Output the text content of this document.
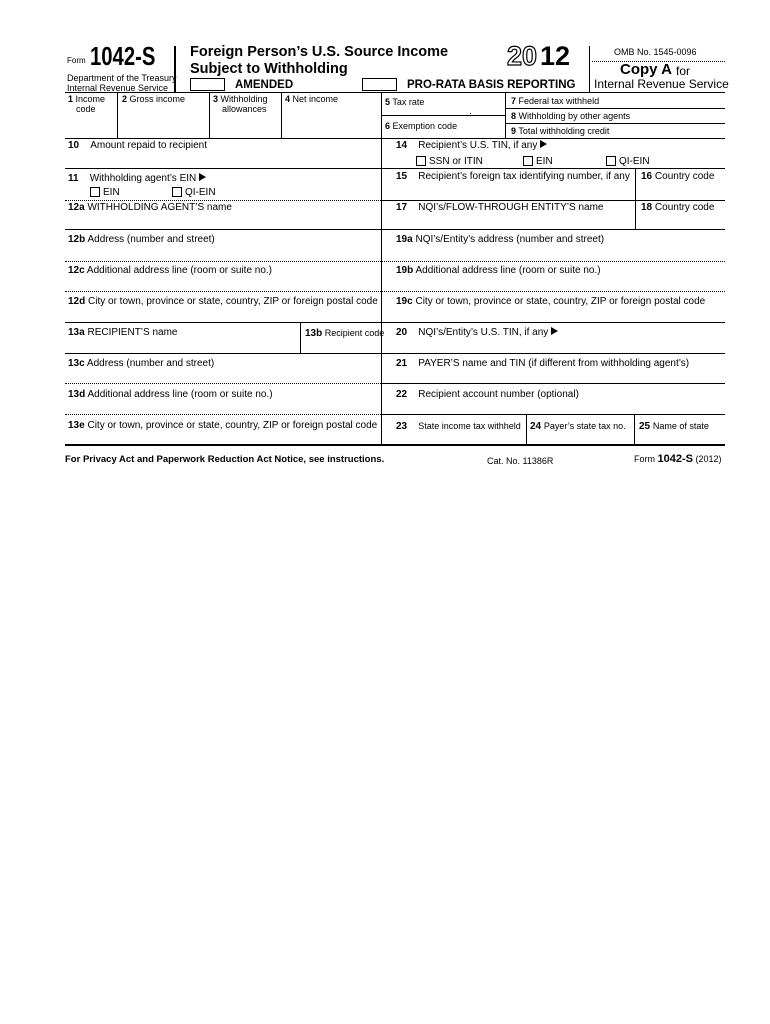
Form 1042-S
Department of the Treasury
Internal Revenue Service
Foreign Person’s U.S. Source Income
Subject to Withholding
AMENDED	PRO-RATA BASIS REPORTING
20 12	OMB No. 1545-0096
Copy A for
Internal Revenue Service
1 Income
code
2 Gross income	3 Withholding
allowances
4 Net income	5 Tax rate
.
6 Exemption code
7 Federal tax withheld
8 Withholding by other agents
9 Total withholding credit
10 Amount repaid to recipient
11 Withholding agent’s EIN
EIN	QI-EIN
12a WITHHOLDING AGENT’S name
12b Address (number and street)
12c Additional address line (room or suite no.)
12d City or town, province or state, country, ZIP or foreign postal code
13a RECIPIENT’S name	13b Recipient code
13c Address (number and street)
13d Additional address line (room or suite no.)
13e City or town, province or state, country, ZIP or foreign postal code
14 Recipient’s U.S. TIN, if any
SSN or ITIN	EIN	QI-EIN
15 Recipient’s foreign tax identifying number, if any 16 Country code
17 NQI’s/FLOW-THROUGH ENTITY’S name	18 Country code
19a NQI’s/Entity’s address (number and street)
19b Additional address line (room or suite no.)
19c City or town, province or state, country, ZIP or foreign postal code
20 NQI’s/Entity’s U.S. TIN, if any
21 PAYER’S name and TIN (if different from withholding agent’s)
22 Recipient account number (optional)
23 State income tax withheld 24 Payer’s state tax no. 25 Name of state
For Privacy Act and Paperwork Reduction Act Notice, see instructions.	Cat. No. 11386R	Form 1042-S (2012)
